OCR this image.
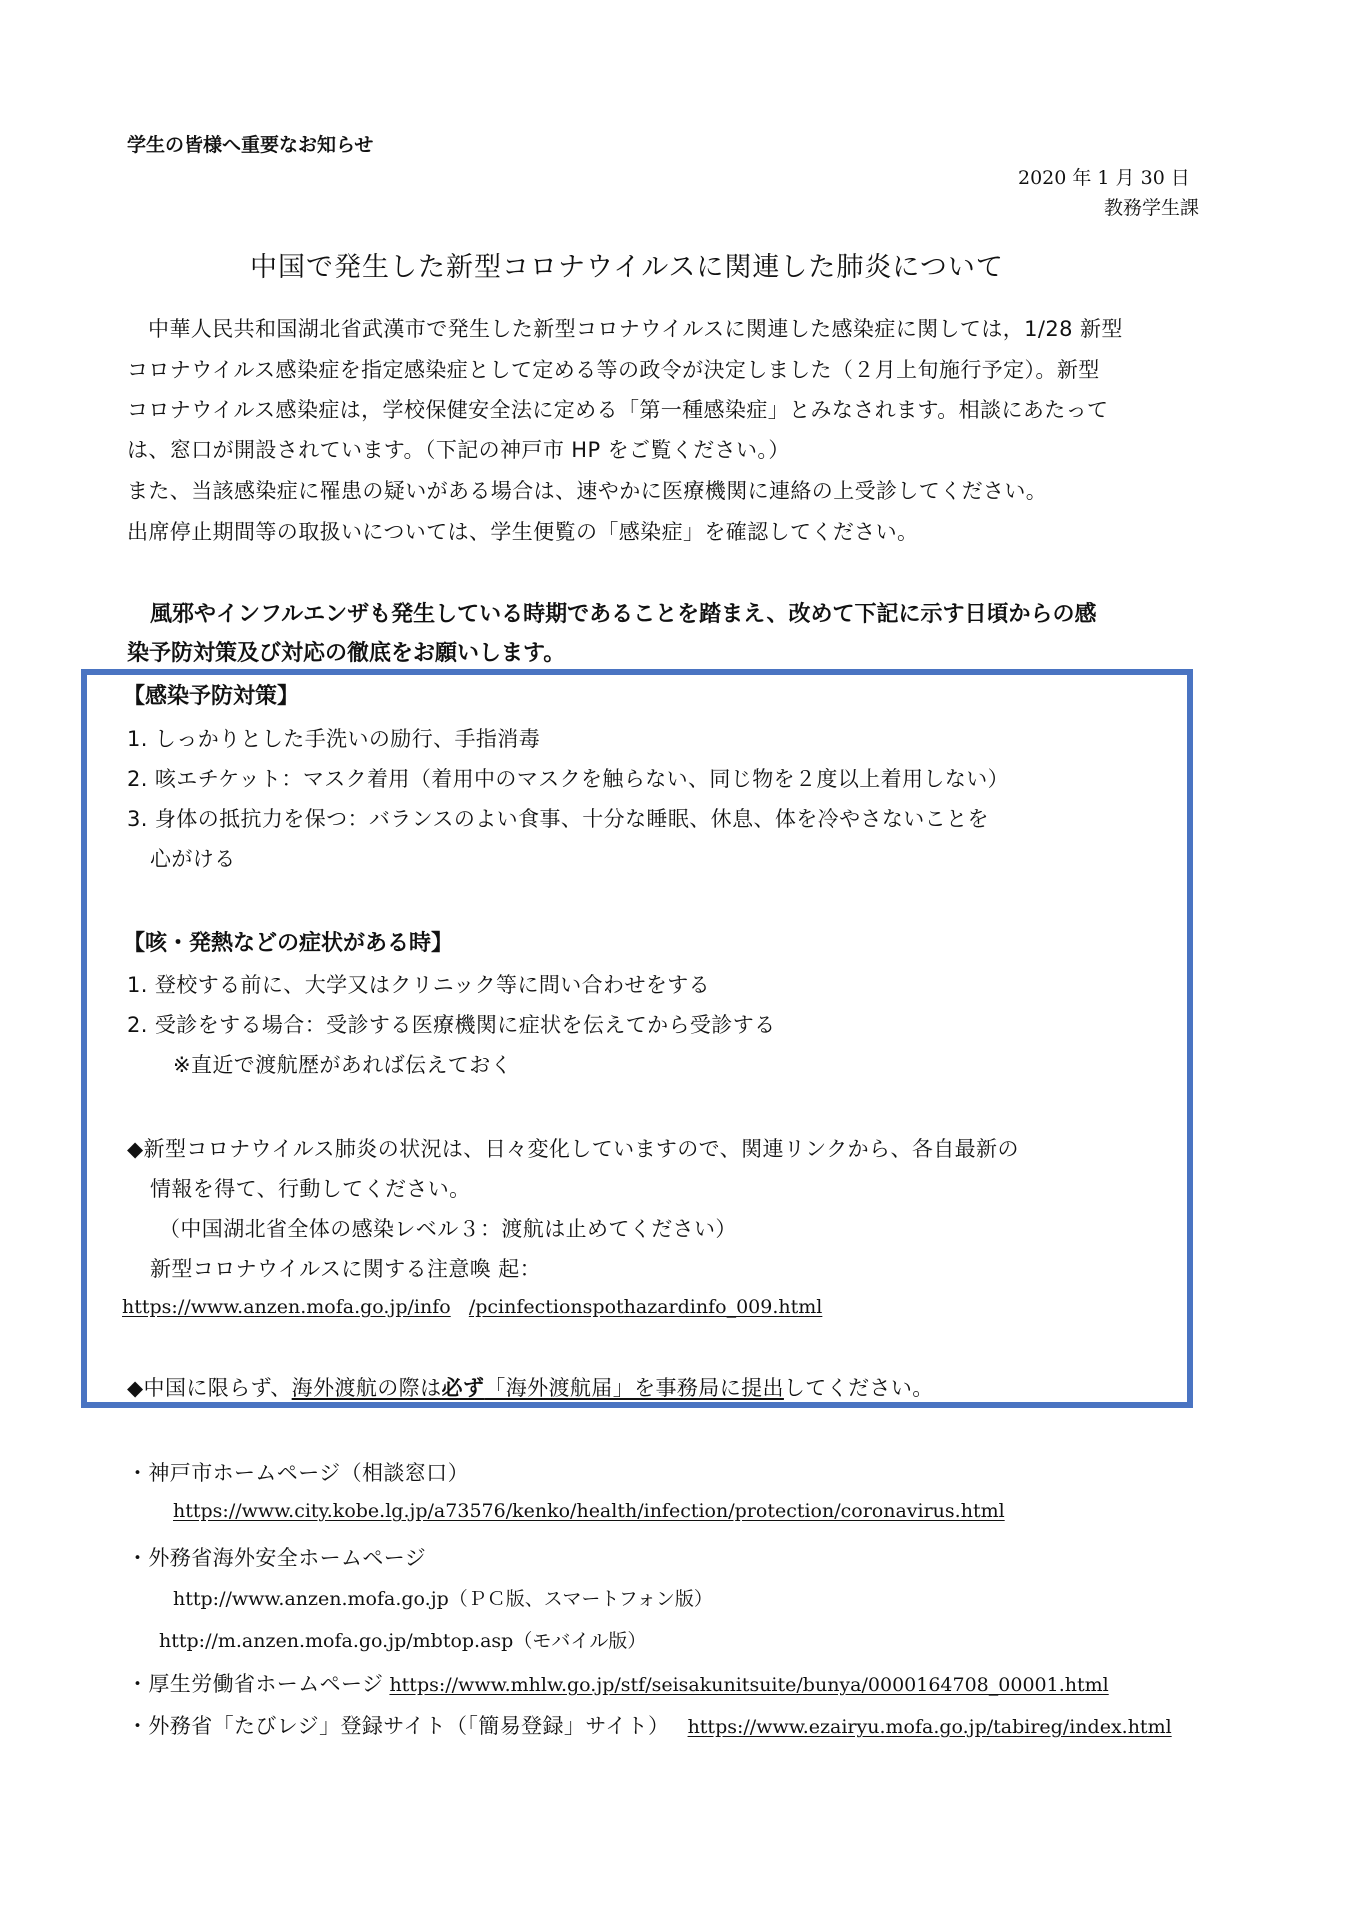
学生の皆様へ重要なお知らせ
2020 年 1 月 30 日
教務学生課
中国で発生した新型コロナウイルスに関連した肺炎について
中華人民共和国湖北省武漢市で発生した新型コロナウイルスに関連した感染症に関しては，1/28 新型
コロナウイルス感染症を指定感染症として定める等の政令が決定しました（２月上旬施行予定）。新型
コロナウイルス感染症は，学校保健安全法に定める「第一種感染症」とみなされます。相談にあたって
は、窓口が開設されています。（下記の神戸市 HP をご覧ください。）
また、当該感染症に罹患の疑いがある場合は、速やかに医療機関に連絡の上受診してください。
出席停止期間等の取扱いについては、学生便覧の「感染症」を確認してください。
風邪やインフルエンザも発生している時期であることを踏まえ、改めて下記に示す日頃からの感
染予防対策及び対応の徹底をお願いします。
【感染予防対策】
1. しっかりとした手洗いの励行、手指消毒
2. 咳エチケット：マスク着用（着用中のマスクを触らない、同じ物を２度以上着用しない）
3. 身体の抵抗力を保つ：バランスのよい食事、十分な睡眠、休息、体を冷やさないことを
心がける
【咳・発熱などの症状がある時】
1. 登校する前に、大学又はクリニック等に問い合わせをする
2. 受診をする場合：受診する医療機関に症状を伝えてから受診する
※直近で渡航歴があれば伝えておく
◆新型コロナウイルス肺炎の状況は、日々変化していますので、関連リンクから、各自最新の
情報を得て、行動してください。
（中国湖北省全体の感染レベル３：渡航は止めてください）
新型コロナウイルスに関する注意喚 起：
https://www.anzen.mofa.go.jp/info /pcinfectionspothazardinfo_009.html
◆中国に限らず、海外渡航の際は必ず「海外渡航届」を事務局に提出してください。
・神戸市ホームページ（相談窓口）
https://www.city.kobe.lg.jp/a73576/kenko/health/infection/protection/coronavirus.html
・外務省海外安全ホームページ
http://www.anzen.mofa.go.jp（ＰＣ版、スマートフォン版）
http://m.anzen.mofa.go.jp/mbtop.asp（モバイル版）
・厚生労働省ホームページ https://www.mhlw.go.jp/stf/seisakunitsuite/bunya/0000164708_00001.html
・外務省「たびレジ」登録サイト（「簡易登録」サイト） https://www.ezairyu.mofa.go.jp/tabireg/index.html
